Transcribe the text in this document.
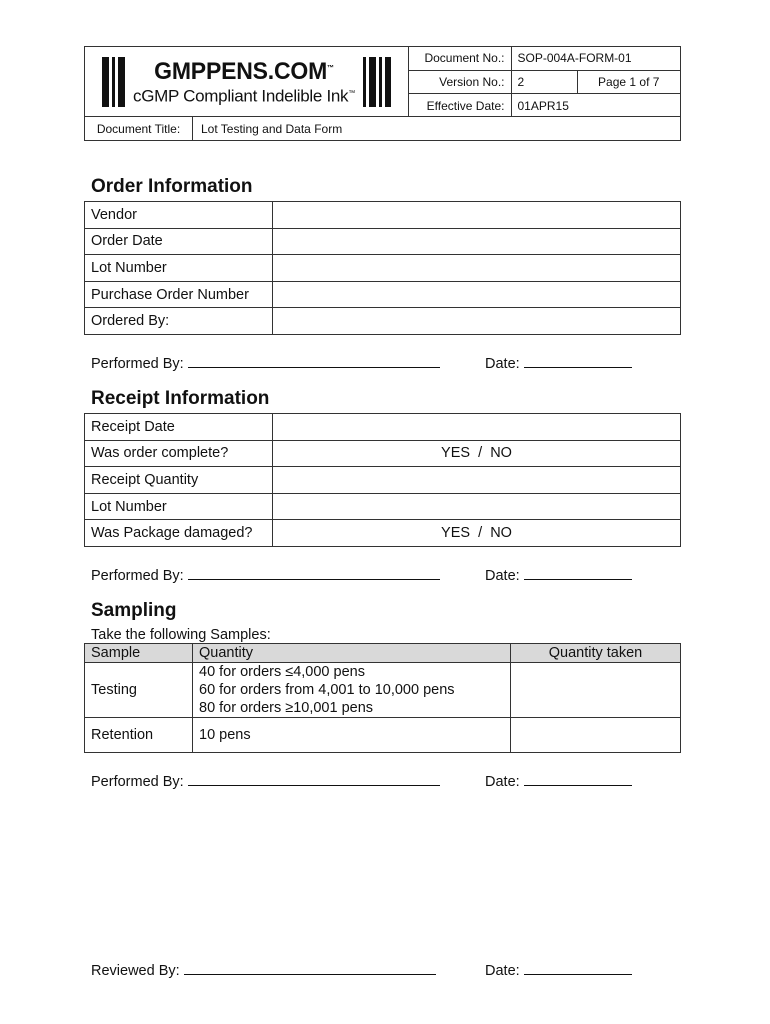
GMPPENS.COM™
cGMP Compliant Indelible Ink™
Document No.:	SOP-004A-FORM-01	
Version No.:	2	Page 1 of 7
Effective Date:	01APR15	
Document Title:	Lot Testing and Data Form
Order Information
Vendor	
Order Date	
Lot Number	
Purchase Order Number	
Ordered By:	
Performed By:	Date:
Receipt Information
Receipt Date	
Was order complete?	YES  /  NO
Receipt Quantity	
Lot Number	
Was Package damaged?	YES  /  NO
Performed By:	Date:
Sampling
Take the following Samples:
Sample	Quantity	Quantity taken
Testing	40 for orders ≤4,000 pens
60 for orders from 4,001 to 10,000 pens
80 for orders ≥10,001 pens	

Retention	10 pens	
Performed By:	Date:
Reviewed By:	Date:
